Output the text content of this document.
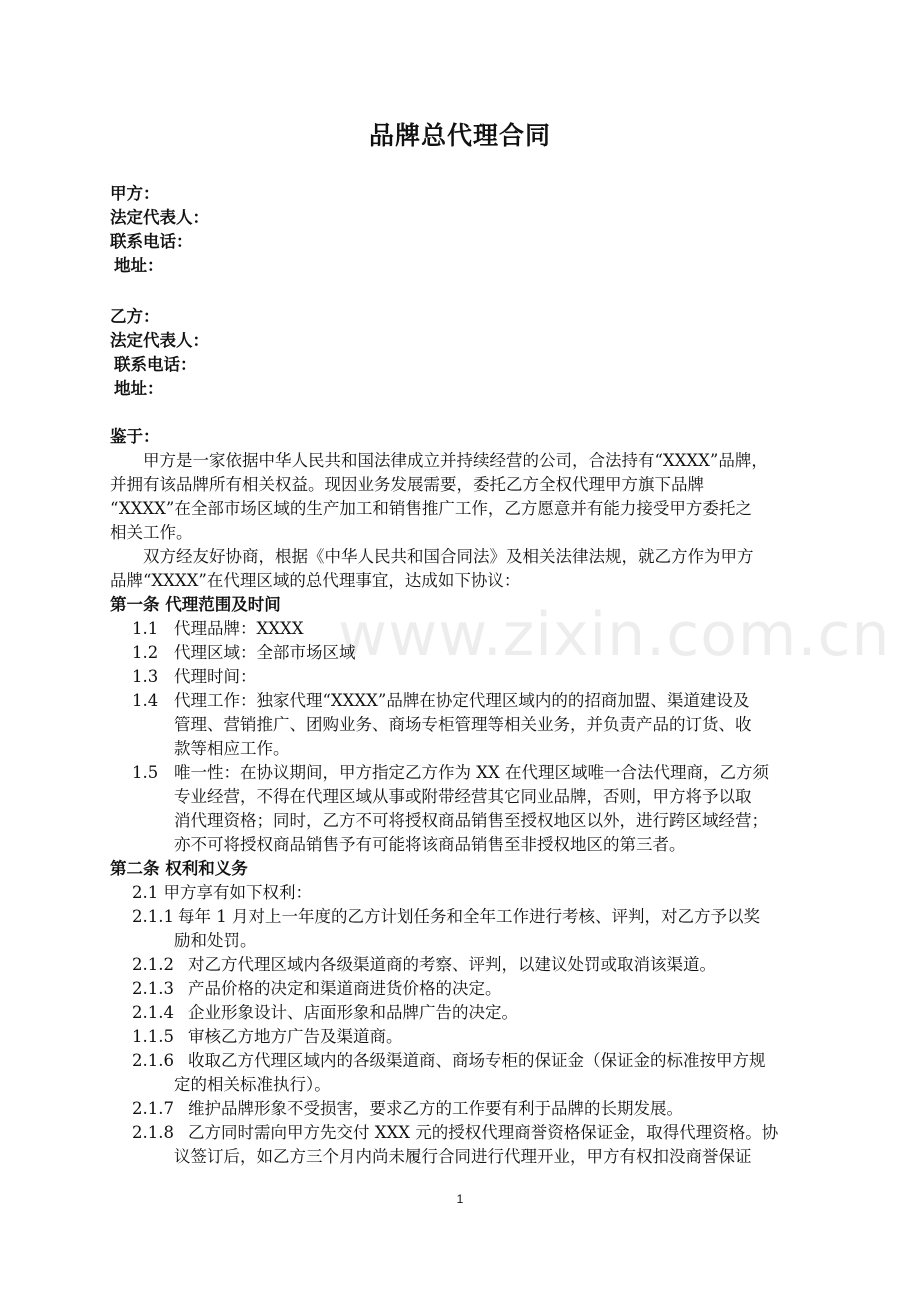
品牌总代理合同
甲方：
法定代表人：
联系电话：
地址：
乙方：
法定代表人：
联系电话：
地址：
鉴于：
甲方是一家依据中华人民共和国法律成立并持续经营的公司，合法持有“XXXX”品牌，
并拥有该品牌所有相关权益。现因业务发展需要，委托乙方全权代理甲方旗下品牌
“XXXX”在全部市场区域的生产加工和销售推广工作，乙方愿意并有能力接受甲方委托之
相关工作。
双方经友好协商，根据《中华人民共和国合同法》及相关法律法规，就乙方作为甲方
品牌“XXXX”在代理区域的总代理事宜，达成如下协议：
第一条 代理范围及时间
1.1 代理品牌：XXXX
1.2 代理区域：全部市场区域
1.3 代理时间：
1.4 代理工作：独家代理“XXXX”品牌在协定代理区域内的的招商加盟、渠道建设及
管理、营销推广、团购业务、商场专柜管理等相关业务，并负责产品的订货、收
款等相应工作。
1.5 唯一性：在协议期间，甲方指定乙方作为 XX 在代理区域唯一合法代理商，乙方须
专业经营，不得在代理区域从事或附带经营其它同业品牌，否则，甲方将予以取
消代理资格；同时，乙方不可将授权商品销售至授权地区以外，进行跨区域经营；
亦不可将授权商品销售予有可能将该商品销售至非授权地区的第三者。
第二条 权利和义务
2.1 甲方享有如下权利：
2.1.1 每年 1 月对上一年度的乙方计划任务和全年工作进行考核、评判，对乙方予以奖
励和处罚。
2.1.2 对乙方代理区域内各级渠道商的考察、评判，以建议处罚或取消该渠道。
2.1.3 产品价格的决定和渠道商进货价格的决定。
2.1.4 企业形象设计、店面形象和品牌广告的决定。
1.1.5 审核乙方地方广告及渠道商。
2.1.6 收取乙方代理区域内的各级渠道商、商场专柜的保证金（保证金的标准按甲方规
定的相关标准执行）。
2.1.7 维护品牌形象不受损害，要求乙方的工作要有利于品牌的长期发展。
2.1.8 乙方同时需向甲方先交付 XXX 元的授权代理商誉资格保证金，取得代理资格。协
议签订后，如乙方三个月内尚未履行合同进行代理开业，甲方有权扣没商誉保证
www.zixin.com.cn
1
